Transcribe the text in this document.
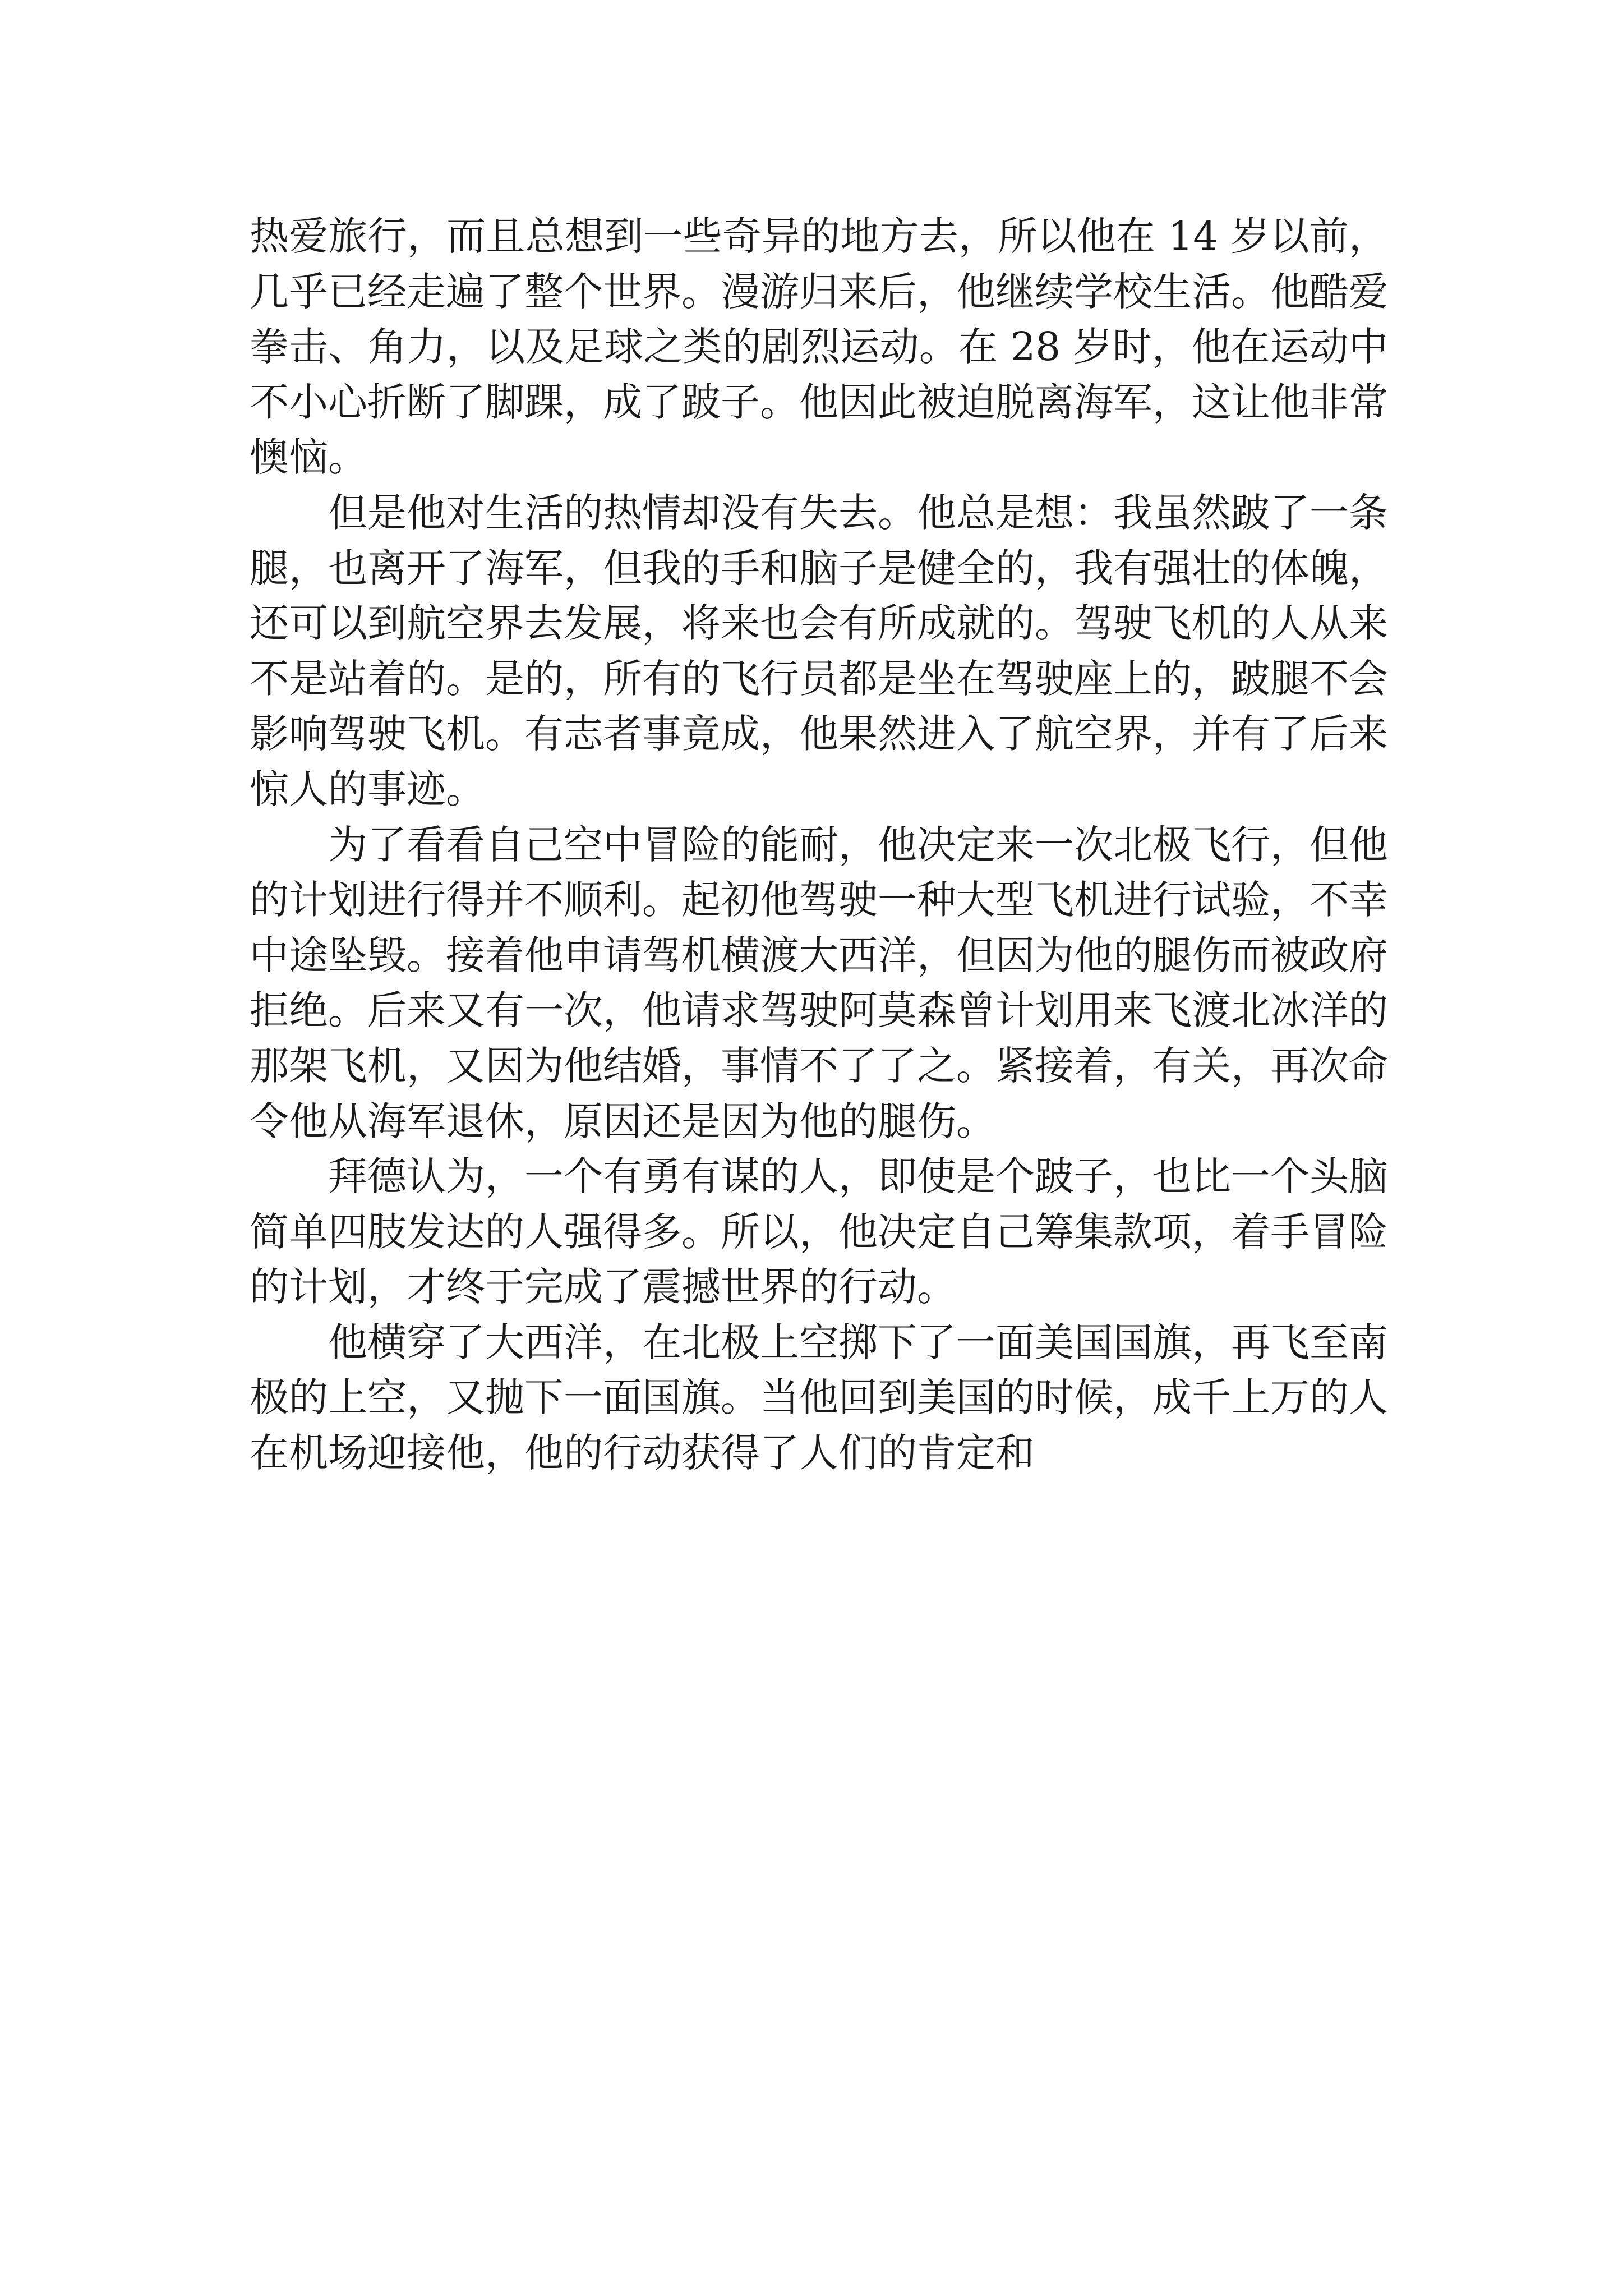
热爱旅行，而且总想到一些奇异的地方去，所以他在 14 岁以前，几乎已经走遍了整个世界。漫游归来后，他继续学校生活。他酷爱拳击、角力，以及足球之类的剧烈运动。在 28 岁时，他在运动中不小心折断了脚踝，成了跛子。他因此被迫脱离海军，这让他非常懊恼。

但是他对生活的热情却没有失去。他总是想：我虽然跛了一条腿，也离开了海军，但我的手和脑子是健全的，我有强壮的体魄，还可以到航空界去发展，将来也会有所成就的。驾驶飞机的人从来不是站着的。是的，所有的飞行员都是坐在驾驶座上的，跛腿不会影响驾驶飞机。有志者事竟成，他果然进入了航空界，并有了后来惊人的事迹。

为了看看自己空中冒险的能耐，他决定来一次北极飞行，但他的计划进行得并不顺利。起初他驾驶一种大型飞机进行试验，不幸中途坠毁。接着他申请驾机横渡大西洋，但因为他的腿伤而被政府拒绝。后来又有一次，他请求驾驶阿莫森曾计划用来飞渡北冰洋的那架飞机，又因为他结婚，事情不了了之。紧接着，有关，再次命令他从海军退休，原因还是因为他的腿伤。

拜德认为，一个有勇有谋的人，即使是个跛子，也比一个头脑简单四肢发达的人强得多。所以，他决定自己筹集款项，着手冒险的计划，才终于完成了震撼世界的行动。

他横穿了大西洋，在北极上空掷下了一面美国国旗，再飞至南极的上空，又抛下一面国旗。当他回到美国的时候，成千上万的人在机场迎接他，他的行动获得了人们的肯定和
